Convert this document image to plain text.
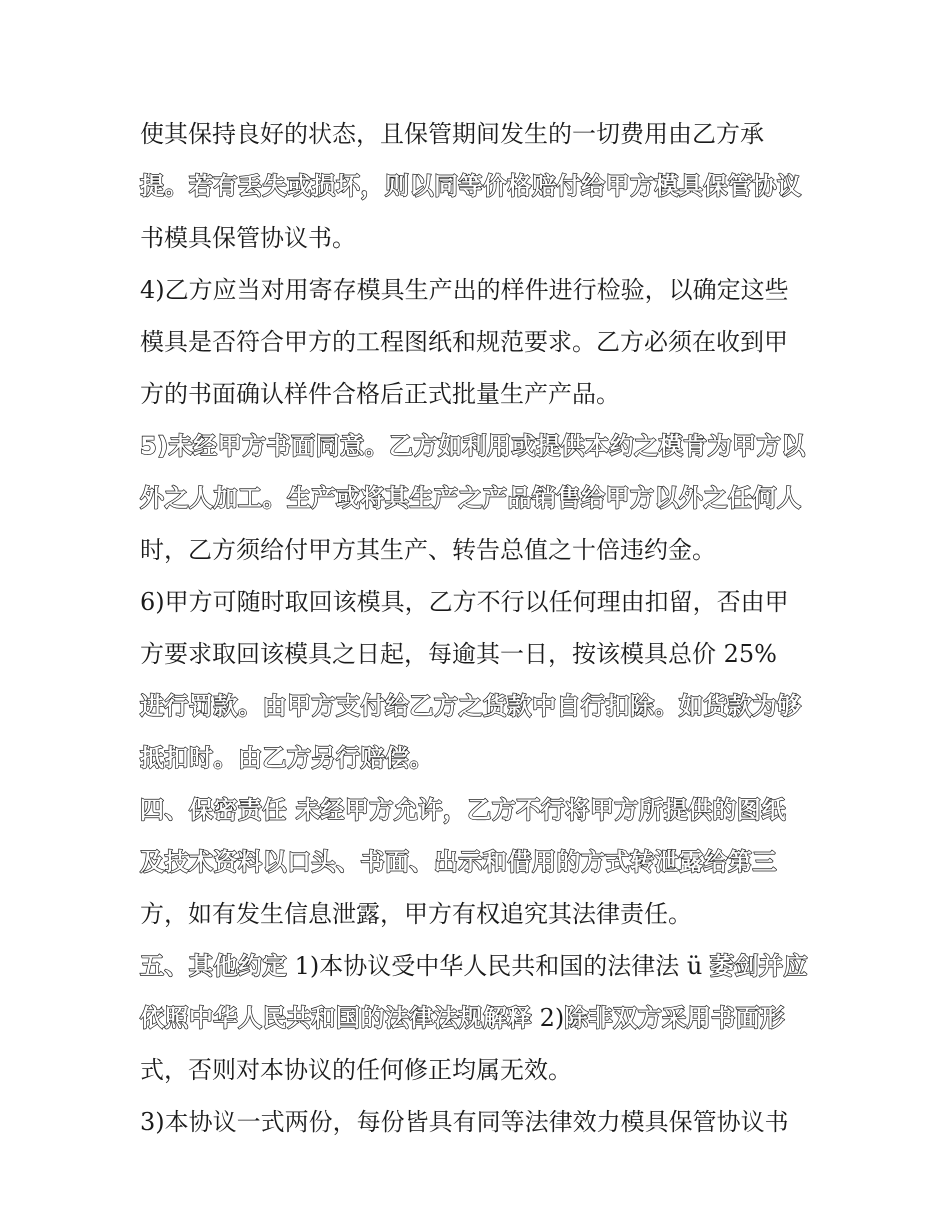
使其保持良好的状态，且保管期间发生的一切费用由乙方承
提。若有丢失或损坏，则以同等价格赔付给甲方模具保管协议
书模具保管协议书。
4)乙方应当对用寄存模具生产出的样件进行检验，以确定这些
模具是否符合甲方的工程图纸和规范要求。乙方必须在收到甲
方的书面确认样件合格后正式批量生产产品。
5)未经甲方书面同意。乙方如利用或提供本约之模肯为甲方以
外之人加工。生产或将其生产之产品销售给甲方以外之任何人
时，乙方须给付甲方其生产、转告总值之十倍违约金。
6)甲方可随时取回该模具，乙方不行以任何理由扣留，否由甲
方要求取回该模具之日起，每逾其一日，按该模具总价 25%
进行罚款。由甲方支付给乙方之货款中自行扣除。如货款为够
抵扣时。由乙方另行赔偿。
四、保密责任 未经甲方允许，乙方不行将甲方所提供的图纸
及技术资料以口头、书面、出示和借用的方式转泄露给第三
方，如有发生信息泄露，甲方有权追究其法律责任。
五、其他约定 1)本协议受中华人民共和国的法律法 ü 萎剑并应
依照中华人民共和国的法律法规解释 2)除非双方采用书面形
式，否则对本协议的任何修正均属无效。
3)本协议一式两份，每份皆具有同等法律效力模具保管协议书
